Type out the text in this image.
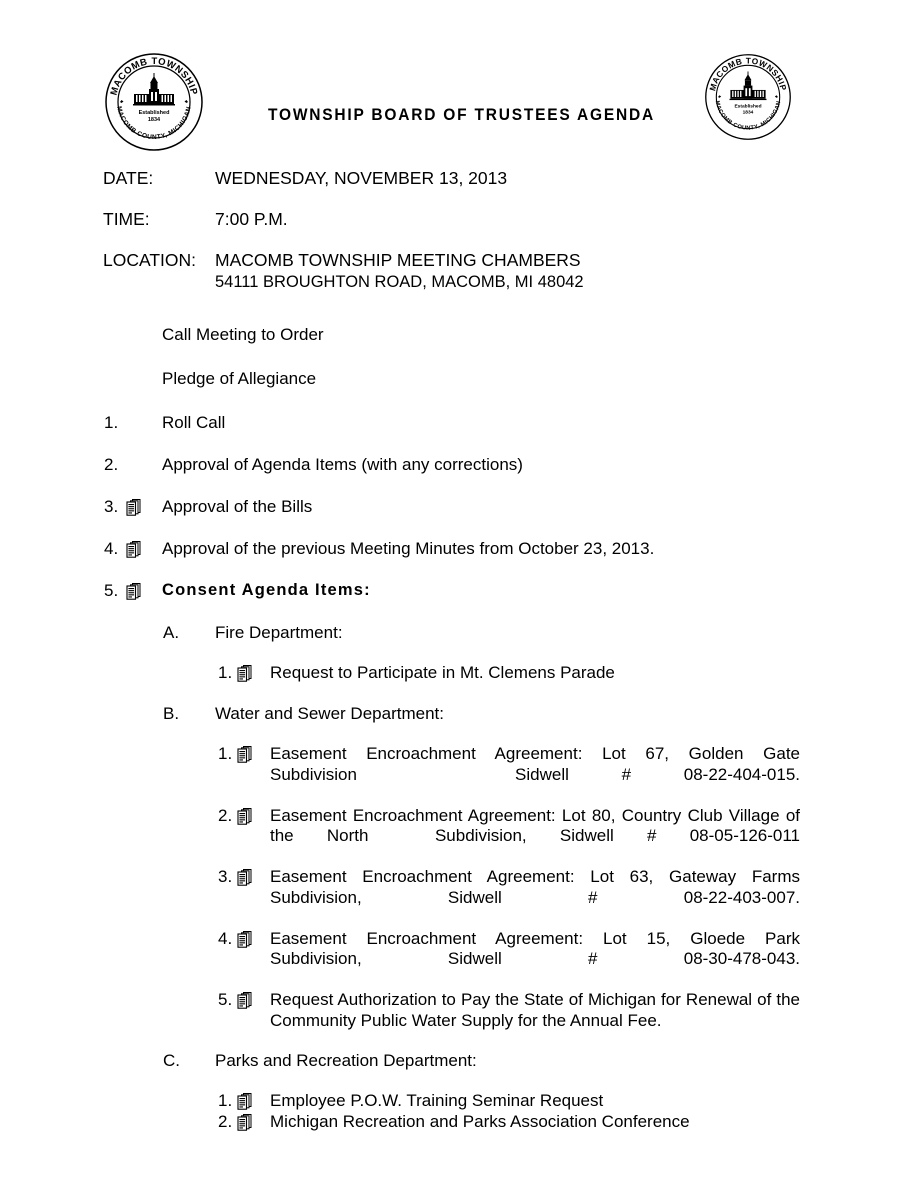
MACOMB TOWNSHIP
MACOMB COUNTY, MICHIGAN
Established
1834
MACOMB TOWNSHIP
MACOMB COUNTY, MICHIGAN
Established
1834
TOWNSHIP BOARD OF TRUSTEES AGENDA
DATE:	WEDNESDAY, NOVEMBER 13, 2013
TIME:	7:00 P.M.
LOCATION: MACOMB TOWNSHIP MEETING CHAMBERS
54111 BROUGHTON ROAD, MACOMB, MI 48042
Call Meeting to Order
Pledge of Allegiance
1.	Roll Call
2.	Approval of Agenda Items (with any corrections)
3.	Approval of the Bills
4.	Approval of the previous Meeting Minutes from October 23, 2013.
5.	Consent Agenda Items:
A. Fire Department:
1. Request to Participate in Mt. Clemens Parade
B. Water and Sewer Department:
1. Easement Encroachment Agreement: Lot 67, Golden Gate Subdivision   Sidwell # 08-22-404-015.
2. Easement Encroachment Agreement: Lot 80, Country Club Village of the North  Subdivision, Sidwell # 08-05-126-011
3. Easement Encroachment Agreement: Lot 63, Gateway Farms Subdivision, Sidwell # 08-22-403-007.
4. Easement Encroachment Agreement: Lot 15, Gloede Park Subdivision, Sidwell # 08-30-478-043.
5. Request Authorization to Pay the State of Michigan for Renewal of the Community Public Water Supply for the Annual Fee.
C. Parks and Recreation Department:
1. Employee P.O.W. Training Seminar Request
2. Michigan Recreation and Parks Association Conference
